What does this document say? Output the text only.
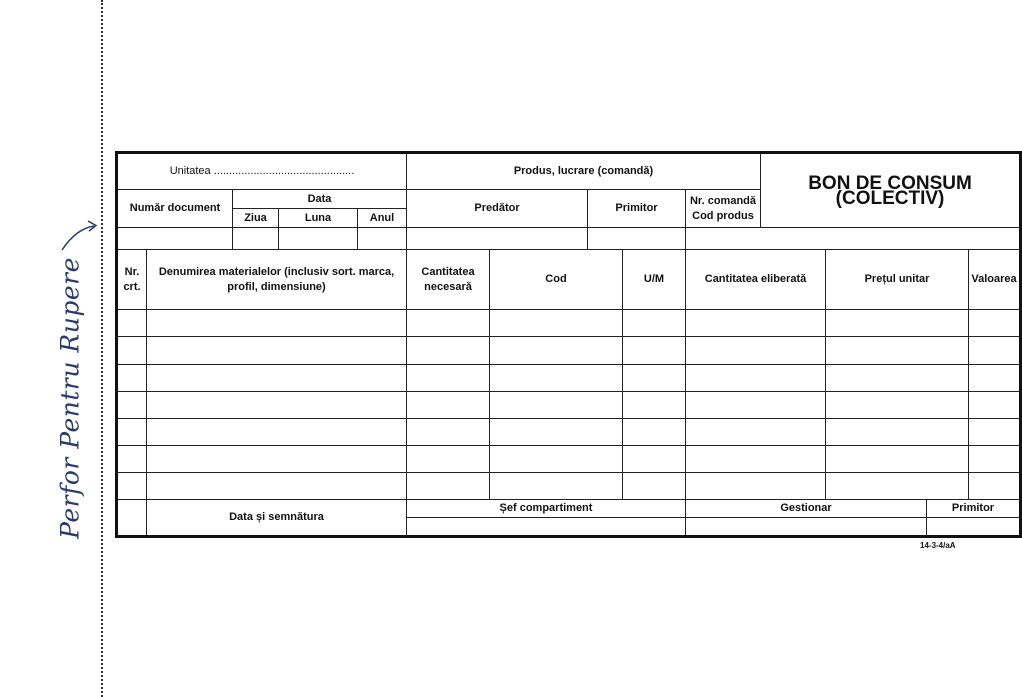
Perfor Pentru Rupere
Unitatea ..............................................					Produs, lucrare (comandă)					BON DE CONSUM
(COLECTIV)			
Număr document		Data			Predător		Primitor		Nr. comandă
Cod produs				
		Ziua	Luna	Anul									

Nr. crt.	Denumirea materialelor (inclusiv sort. marca, profil, dimensiune)				Cantitatea necesară	Cod		U/M	Cantitatea eliberată		Prețul unitar		Valoarea

	Data și semnătura				Șef compartiment				Gestionar			Primitor	

14-3-4/aA
